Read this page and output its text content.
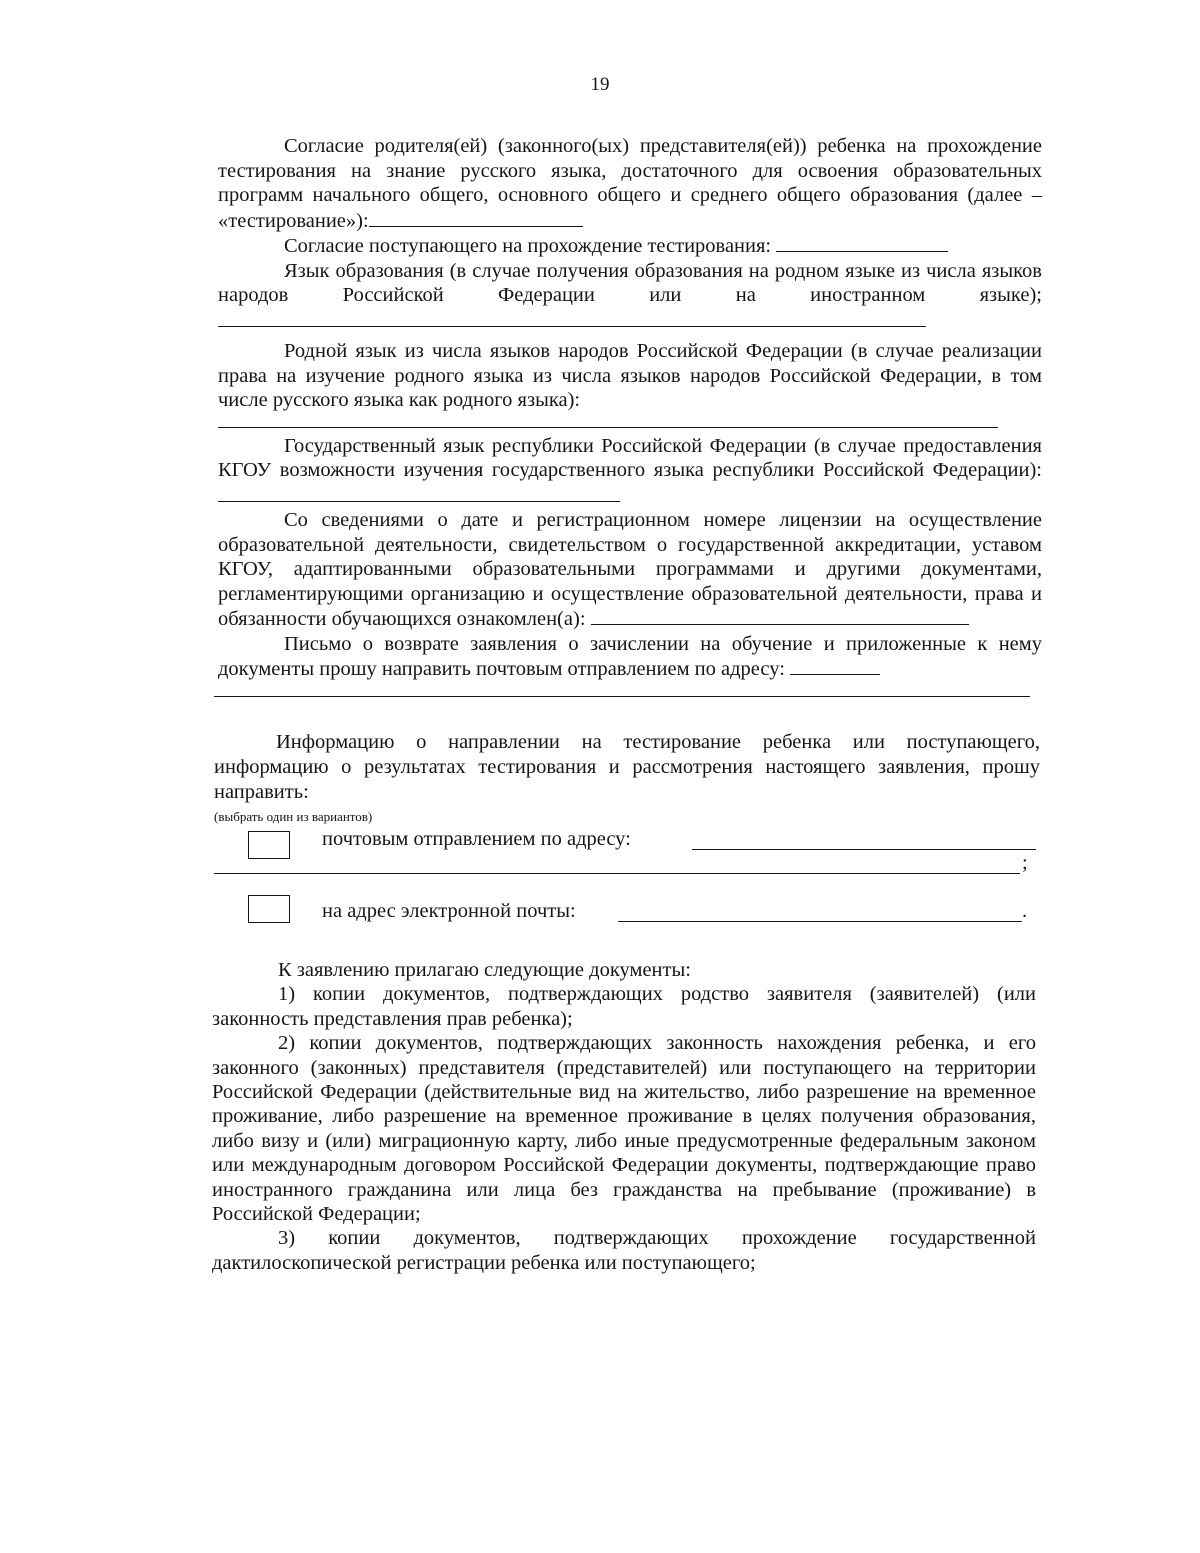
19

Согласие родителя(ей) (законного(ых) представителя(ей)) ребенка на прохождение тестирования на знание русского языка, достаточного для освоения образовательных программ начального общего, основного общего и среднего общего образования (далее – «тестирование»):

Согласие поступающего на прохождение тестирования:

Язык образования (в случае получения образования на родном языке из числа языков народов Российской Федерации или на иностранном языке);

Родной язык из числа языков народов Российской Федерации (в случае реализации права на изучение родного языка из числа языков народов Российской Федерации, в том числе русского языка как родного языка):

Государственный язык республики Российской Федерации (в случае предоставления КГОУ возможности изучения государственного языка республики Российской Федерации):

Со сведениями о дате и регистрационном номере лицензии на осуществление образовательной деятельности, свидетельством о государственной аккредитации, уставом КГОУ, адаптированными образовательными программами и другими документами, регламентирующими организацию и осуществление образовательной деятельности, права и обязанности обучающихся ознакомлен(а):

Письмо о возврате заявления о зачислении на обучение и приложенные к нему документы прошу направить почтовым отправлением по адресу:

Информацию о направлении на тестирование ребенка или поступающего, информацию о результатах тестирования и рассмотрения настоящего заявления, прошу направить:

(выбрать один из вариантов)
почтовым отправлением по адресу:
;
на адрес электронной почты:	.

К заявлению прилагаю следующие документы:

1) копии документов, подтверждающих родство заявителя (заявителей) (или законность представления прав ребенка);

2) копии документов, подтверждающих законность нахождения ребенка, и его законного (законных) представителя (представителей) или поступающего на территории Российской Федерации (действительные вид на жительство, либо разрешение на временное проживание, либо разрешение на временное проживание в целях получения образования, либо визу и (или) миграционную карту, либо иные предусмотренные федеральным законом или международным договором Российской Федерации документы, подтверждающие право иностранного гражданина или лица без гражданства на пребывание (проживание) в Российской Федерации;

3) копии документов, подтверждающих прохождение государственной дактилоскопической регистрации ребенка или поступающего;
